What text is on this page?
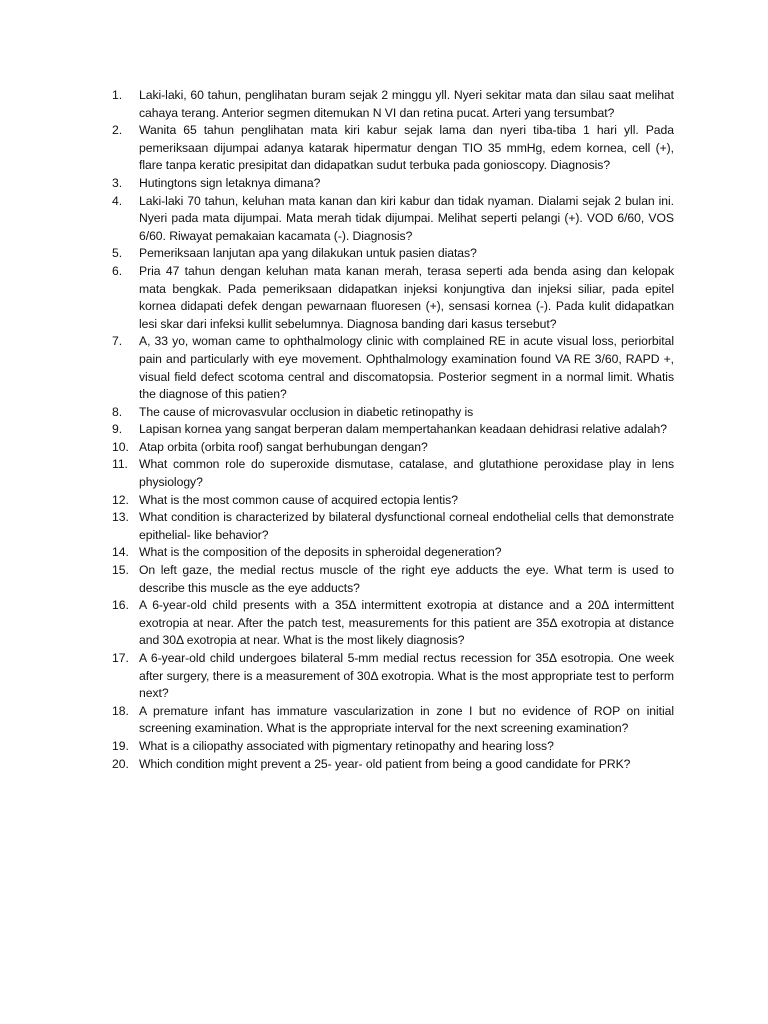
1.	Laki-laki, 60 tahun, penglihatan buram sejak 2 minggu yll. Nyeri sekitar mata dan silau saat melihat cahaya terang. Anterior segmen ditemukan N VI dan retina pucat. Arteri yang tersumbat?
2.	Wanita 65 tahun penglihatan mata kiri kabur sejak lama dan nyeri tiba-tiba 1 hari yll. Pada pemeriksaan dijumpai adanya katarak hipermatur dengan TIO 35 mmHg, edem kornea, cell (+), flare tanpa keratic presipitat dan didapatkan sudut terbuka pada gonioscopy. Diagnosis?
3.	Hutingtons sign letaknya dimana?
4.	Laki-laki 70 tahun, keluhan mata kanan dan kiri kabur dan tidak nyaman. Dialami sejak 2 bulan ini. Nyeri pada mata dijumpai. Mata merah tidak dijumpai. Melihat seperti pelangi (+). VOD 6/60, VOS 6/60. Riwayat pemakaian kacamata (-). Diagnosis?
5.	Pemeriksaan lanjutan apa yang dilakukan untuk pasien diatas?
6.	Pria 47 tahun dengan keluhan mata kanan merah, terasa seperti ada benda asing dan kelopak mata bengkak. Pada pemeriksaan didapatkan injeksi konjungtiva dan injeksi siliar, pada epitel kornea didapati defek dengan pewarnaan fluoresen (+), sensasi kornea (-). Pada kulit didapatkan lesi skar dari infeksi kullit sebelumnya. Diagnosa banding dari kasus tersebut?
7.	A, 33 yo, woman came to ophthalmology clinic with complained RE in acute visual loss, periorbital pain and particularly with eye movement. Ophthalmology examination found VA RE 3/60, RAPD +, visual field defect scotoma central and discomatopsia. Posterior segment in a normal limit. Whatis the diagnose of this patien?
8.	The cause of microvasvular occlusion in diabetic retinopathy is
9.	Lapisan kornea yang sangat berperan dalam mempertahankan keadaan dehidrasi relative adalah?
10. Atap orbita (orbita roof) sangat berhubungan dengan?
11. What common role do superoxide dismutase, catalase, and glutathione peroxidase play in lens physiology?
12. What is the most common cause of acquired ectopia lentis?
13. What condition is characterized by bilateral dysfunctional corneal endothelial cells that demonstrate epithelial- like behavior?
14. What is the composition of the deposits in spheroidal degeneration?
15. On left gaze, the medial rectus muscle of the right eye adducts the eye. What term is used to describe this muscle as the eye adducts?
16. A 6-year-old child presents with a 35Δ intermittent exotropia at distance and a 20Δ intermittent exotropia at near. After the patch test, measurements for this patient are 35Δ exotropia at distance and 30Δ exotropia at near. What is the most likely diagnosis?
17. A 6-year-old child undergoes bilateral 5-mm medial rectus recession for 35Δ esotropia. One week after surgery, there is a measurement of 30Δ exotropia. What is the most appropriate test to perform next?
18. A premature infant has immature vascularization in zone I but no evidence of ROP on initial screening examination. What is the appropriate interval for the next screening examination?
19. What is a ciliopathy associated with pigmentary retinopathy and hearing loss?
20. Which condition might prevent a 25- year- old patient from being a good candidate for PRK?
